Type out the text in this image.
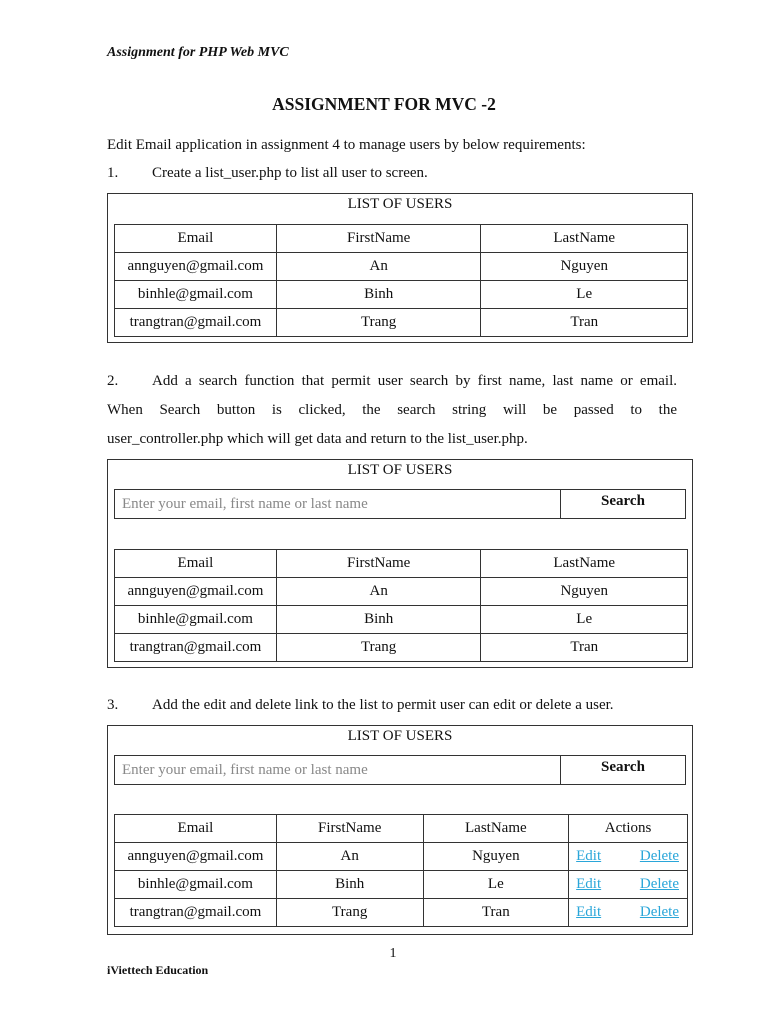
Assignment for PHP Web MVC
ASSIGNMENT FOR MVC -2
Edit Email application in assignment 4 to manage users by below requirements:
1. Create a list_user.php to list all user to screen.
LIST OF USERS
Email	FirstName	LastName
annguyen@gmail.com	An	Nguyen
binhle@gmail.com	Binh	Le
trangtran@gmail.com	Trang	Tran
2. Add a search function that permit user search by first name, last name or email.
When Search button is clicked, the search string will be passed to the
user_controller.php which will get data and return to the list_user.php.
LIST OF USERS
Enter your email, first name or last name
Search
Email	FirstName	LastName
annguyen@gmail.com	An	Nguyen
binhle@gmail.com	Binh	Le
trangtran@gmail.com	Trang	Tran
3. Add the edit and delete link to the list to permit user can edit or delete a user.
LIST OF USERS
Enter your email, first name or last name
Search
Email	FirstName	LastName	Actions
annguyen@gmail.com	An	Nguyen	Edit Delete

binhle@gmail.com	Binh	Le	Edit Delete

trangtran@gmail.com	Trang	Tran	Edit Delete
1
iViettech Education
